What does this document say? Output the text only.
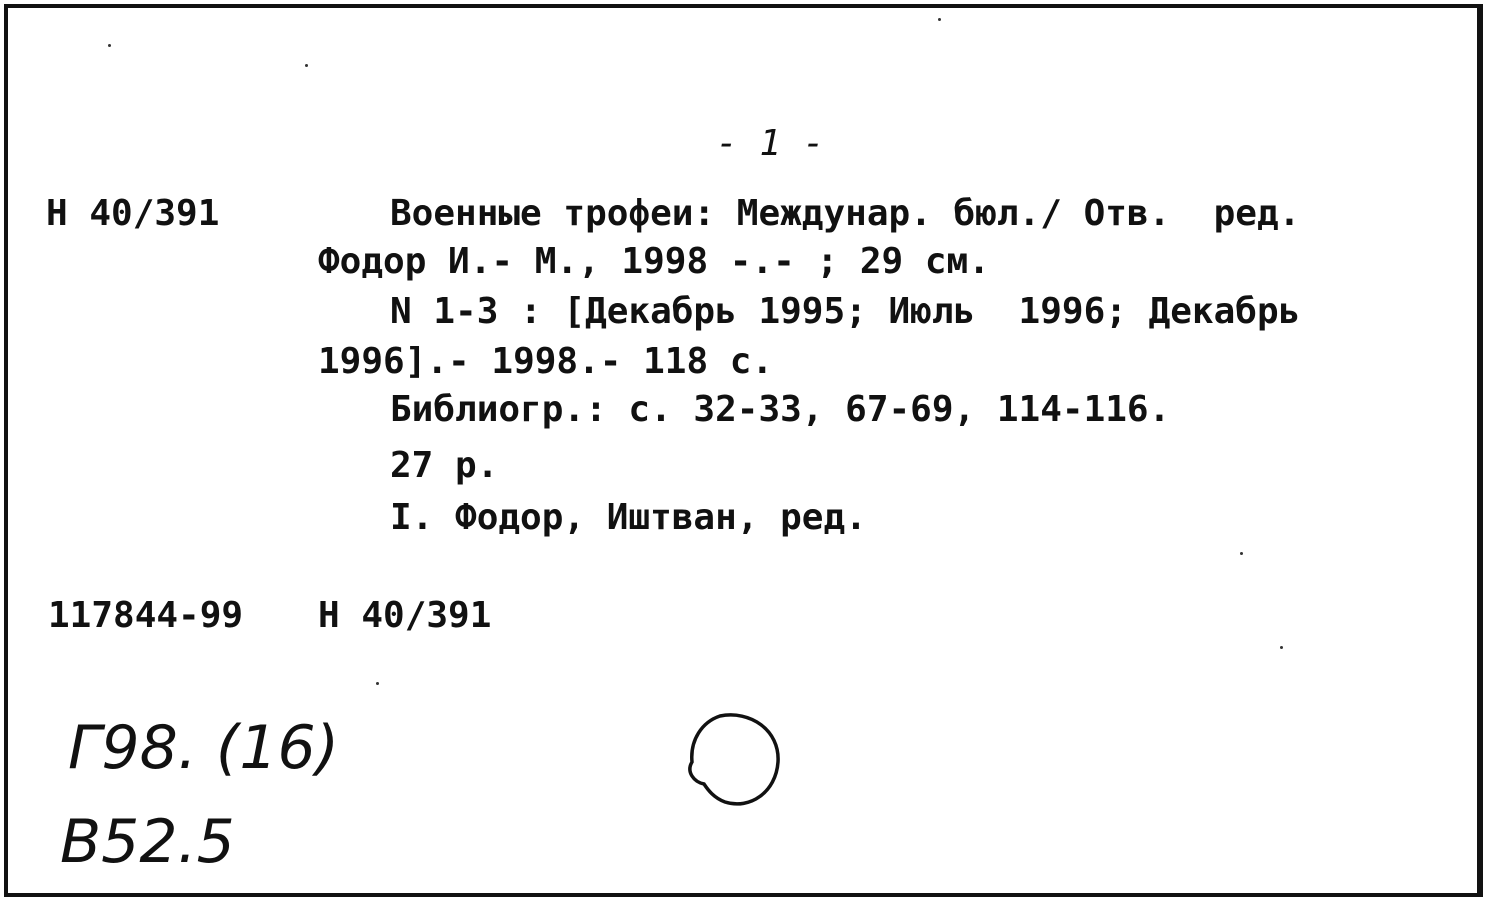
- 1 -
Н 40/391	Военные трофеи: Междунар. бюл./ Отв.  ред.
Фодор И.- М., 1998 -.- ; 29 см.
N 1-3 : [Декабрь 1995; Июль  1996; Декабрь
1996].- 1998.- 118 с.
Библиогр.: с. 32-33, 67-69, 114-116.
27 р.
I. Фодор, Иштван, ред.
117844-99 Н 40/391
Г98. (16)
В52.5
